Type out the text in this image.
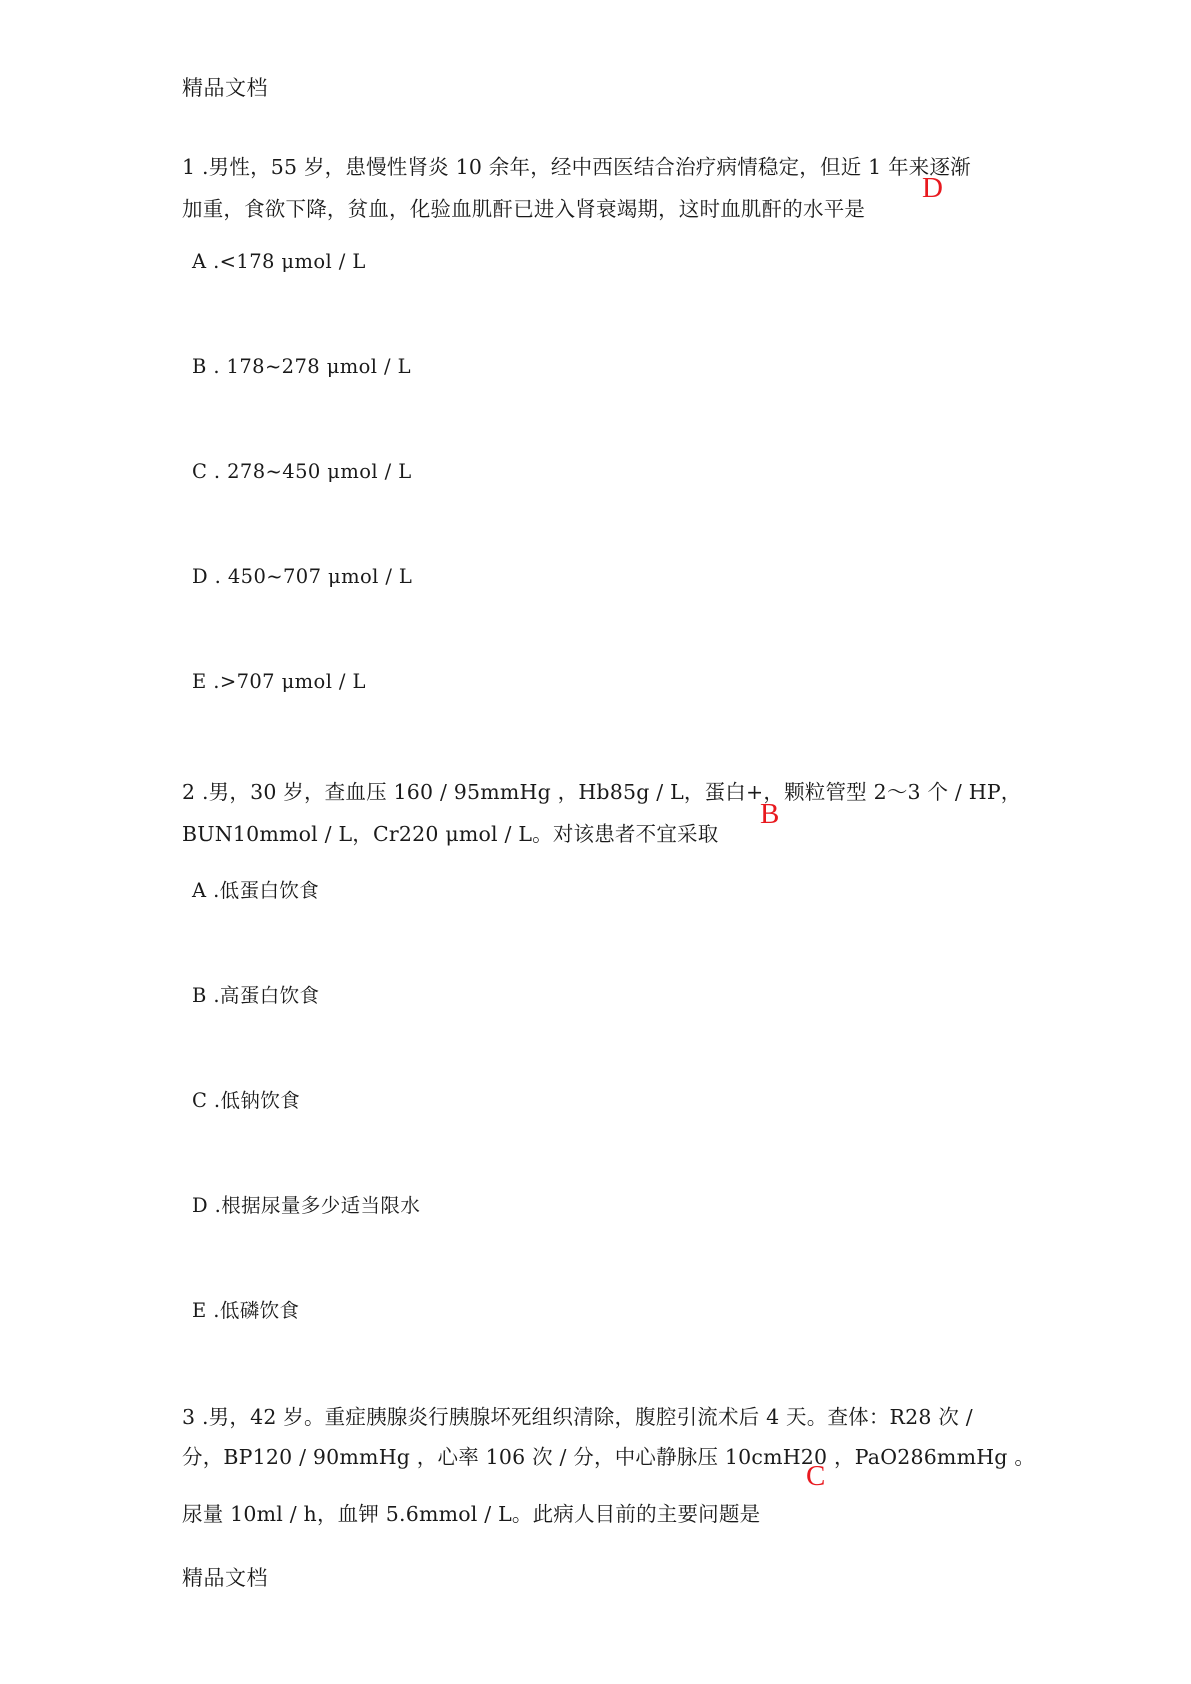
精品文档
1 .男性，55 岁，患慢性肾炎 10 余年，经中西医结合治疗病情稳定，但近 1 年来逐渐
加重，食欲下降，贫血，化验血肌酐已进入肾衰竭期，这时血肌酐的水平是
D
A .<178 μmol / L
B . 178~278 μmol / L
C . 278~450 μmol / L
D . 450~707 μmol / L
E .>707 μmol / L
2 .男，30 岁，查血压 160 / 95mmHg ，Hb85g / L，蛋白+，颗粒管型 2～3 个 / HP，
BUN10mmol / L，Cr220 μmol / L。对该患者不宜采取
B
A .低蛋白饮食
B .高蛋白饮食
C .低钠饮食
D .根据尿量多少适当限水
E .低磷饮食
3 .男，42 岁。重症胰腺炎行胰腺坏死组织清除，腹腔引流术后 4 天。查体：R28 次 /
分，BP120 / 90mmHg ，心率 106 次 / 分，中心静脉压 10cmH20 ，PaO286mmHg 。
C
尿量 10ml / h，血钾 5.6mmol / L。此病人目前的主要问题是
精品文档
